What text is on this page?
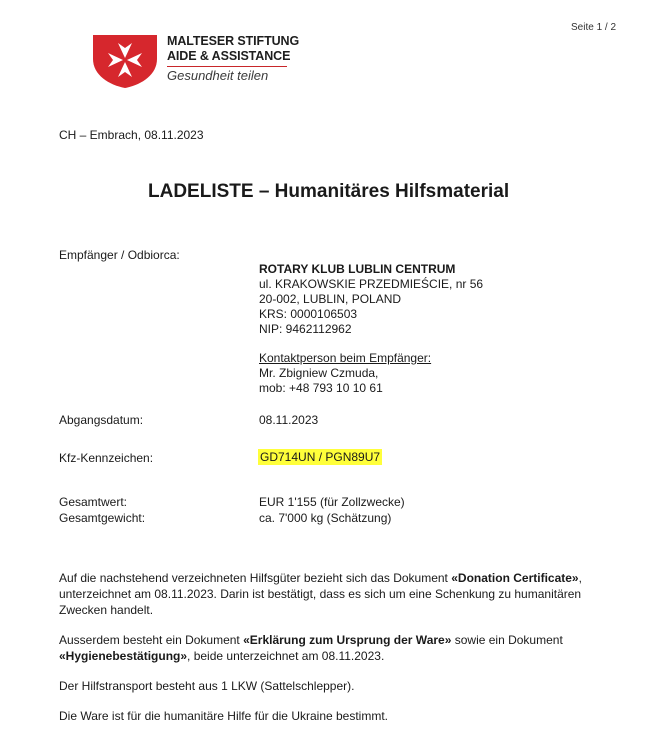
Seite 1 / 2
MALTESER STIFTUNG
AIDE & ASSISTANCE
Gesundheit teilen
CH – Embrach, 08.11.2023
LADELISTE – Humanitäres Hilfsmaterial
Empfänger / Odbiorca:
ROTARY KLUB LUBLIN CENTRUM
ul. KRAKOWSKIE PRZEDMIEŚCIE, nr 56
20-002, LUBLIN, POLAND
KRS: 0000106503
NIP: 9462112962
Kontaktperson beim Empfänger:
Mr. Zbigniew Czmuda,
mob: +48 793 10 10 61
Abgangsdatum:	08.11.2023
Kfz-Kennzeichen:	GD714UN / PGN89U7
Gesamtwert:	EUR 1'155 (für Zollzwecke)
Gesamtgewicht:	ca. 7'000 kg (Schätzung)
Auf die nachstehend verzeichneten Hilfsgüter bezieht sich das Dokument «Donation Certificate», unterzeichnet am 08.11.2023. Darin ist bestätigt, dass es sich um eine Schenkung zu humanitären Zwecken handelt.
Ausserdem besteht ein Dokument «Erklärung zum Ursprung der Ware» sowie ein Dokument «Hygienebestätigung», beide unterzeichnet am 08.11.2023.
Der Hilfstransport besteht aus 1 LKW (Sattelschlepper).
Die Ware ist für die humanitäre Hilfe für die Ukraine bestimmt.
